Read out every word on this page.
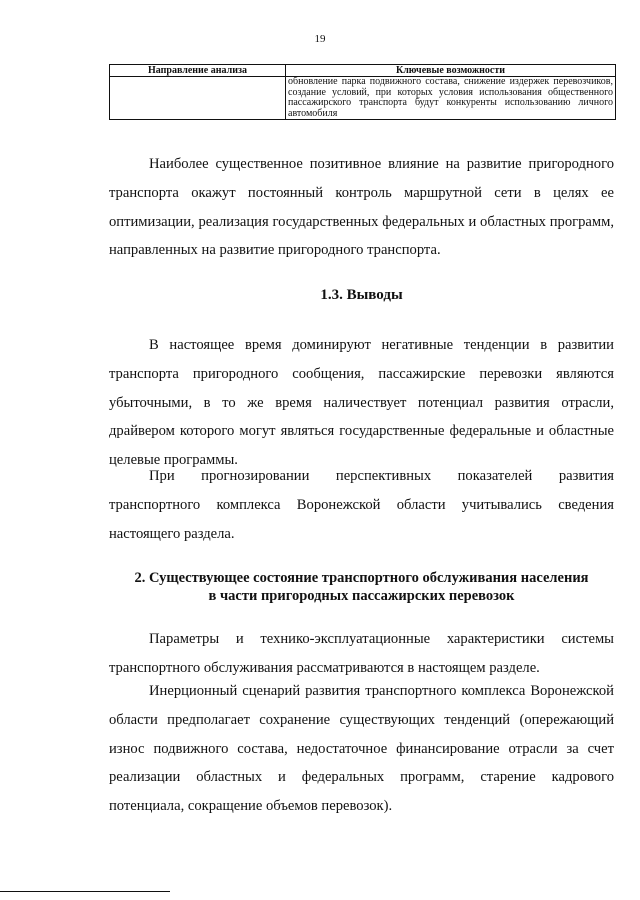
19
Направление анализа	Ключевые возможности
	обновление парка подвижного состава, снижение издержек перевозчиков, создание условий, при которых условия использования общественного пассажирского транспорта будут конкуренты использованию личного автомобиля

Наиболее существенное позитивное влияние на развитие пригородного транспорта окажут постоянный контроль маршрутной сети в целях ее оптимизации, реализация государственных федеральных и областных программ, направленных на развитие пригородного транспорта.

1.3. Выводы

В настоящее время доминируют негативные тенденции в развитии транспорта пригородного сообщения, пассажирские перевозки являются убыточными, в то же время наличествует потенциал развития отрасли, драйвером которого могут являться государственные федеральные и областные целевые программы.

При прогнозировании перспективных показателей развития транспортного комплекса Воронежской области учитывались сведения настоящего раздела.

2. Существующее состояние транспортного обслуживания населения
в части пригородных пассажирских перевозок

Параметры и технико-эксплуатационные характеристики системы транспортного обслуживания рассматриваются в настоящем разделе.

Инерционный сценарий развития транспортного комплекса Воронежской области предполагает сохранение существующих тенденций (опережающий износ подвижного состава, недостаточное финансирование отрасли за счет реализации областных и федеральных программ, старение кадрового потенциала, сокращение объемов перевозок).
